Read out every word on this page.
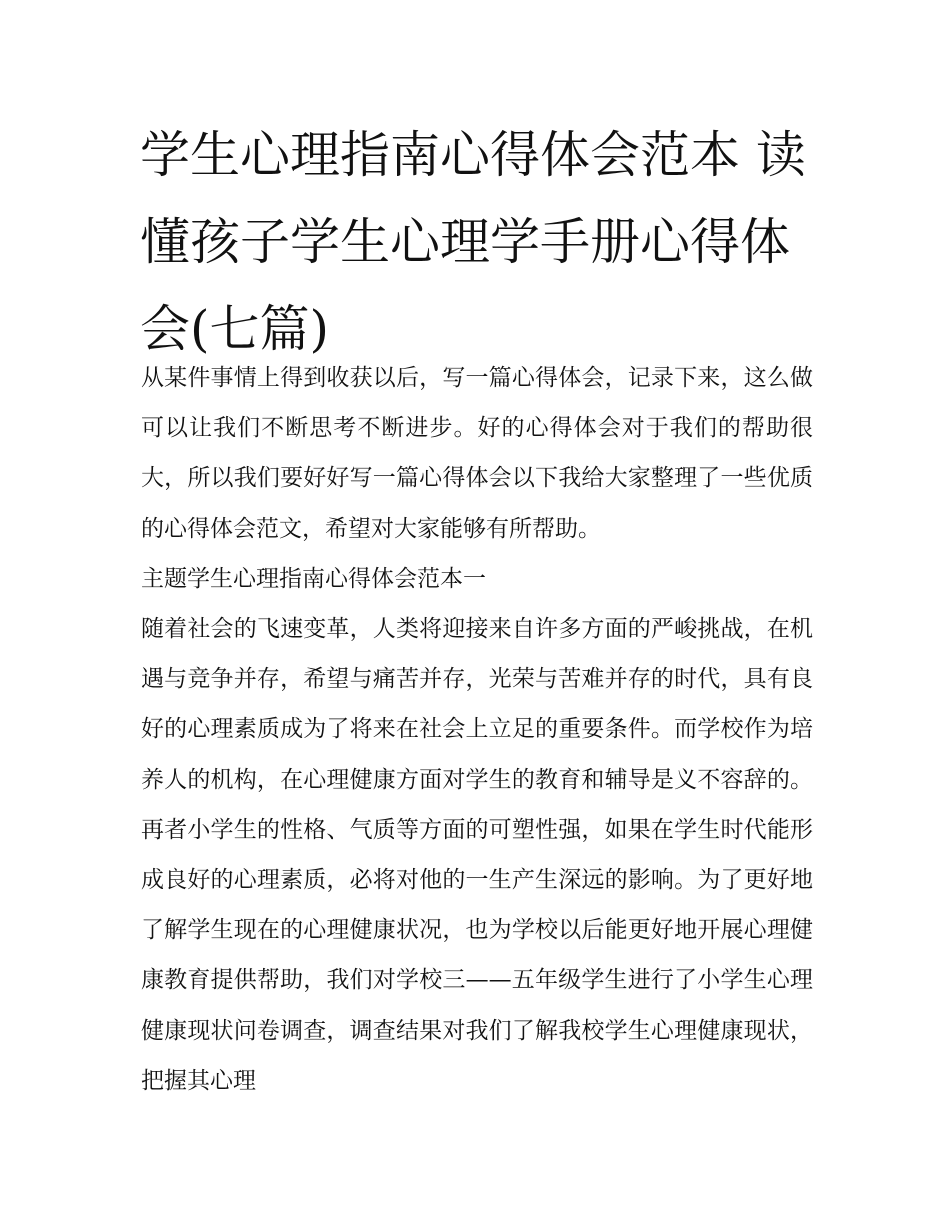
学生心理指南心得体会范本 读懂孩子学生心理学手册心得体会(七篇)

从某件事情上得到收获以后，写一篇心得体会，记录下来，这么做可以让我们不断思考不断进步。好的心得体会对于我们的帮助很大，所以我们要好好写一篇心得体会以下我给大家整理了一些优质的心得体会范文，希望对大家能够有所帮助。

主题学生心理指南心得体会范本一

随着社会的飞速变革，人类将迎接来自许多方面的严峻挑战，在机遇与竞争并存，希望与痛苦并存，光荣与苦难并存的时代，具有良好的心理素质成为了将来在社会上立足的重要条件。而学校作为培养人的机构，在心理健康方面对学生的教育和辅导是义不容辞的。再者小学生的性格、气质等方面的可塑性强，如果在学生时代能形成良好的心理素质，必将对他的一生产生深远的影响。为了更好地了解学生现在的心理健康状况，也为学校以后能更好地开展心理健康教育提供帮助，我们对学校三——五年级学生进行了小学生心理健康现状问卷调查，调查结果对我们了解我校学生心理健康现状，把握其心理
